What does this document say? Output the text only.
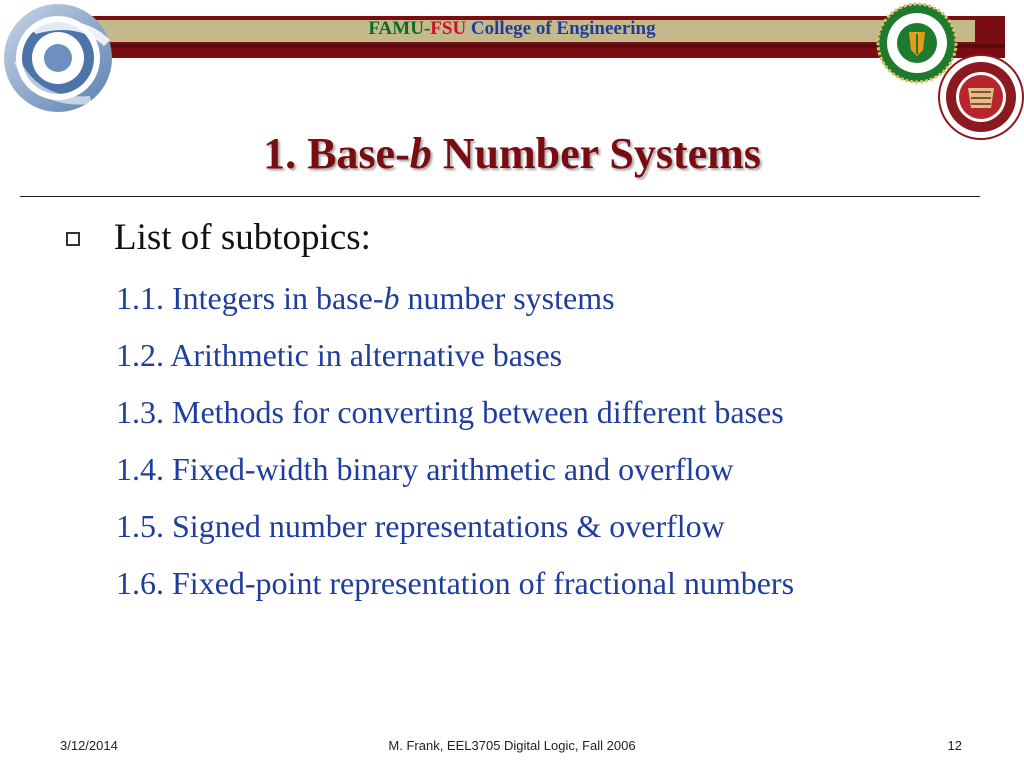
FAMU-FSU College of Engineering
1. Base-b Number Systems
List of subtopics:
1.1. Integers in base-b number systems
1.2. Arithmetic in alternative bases
1.3. Methods for converting between different bases
1.4. Fixed-width binary arithmetic and overflow
1.5. Signed number representations & overflow
1.6. Fixed-point representation of fractional numbers
3/12/2014	M. Frank, EEL3705 Digital Logic, Fall 2006	12
